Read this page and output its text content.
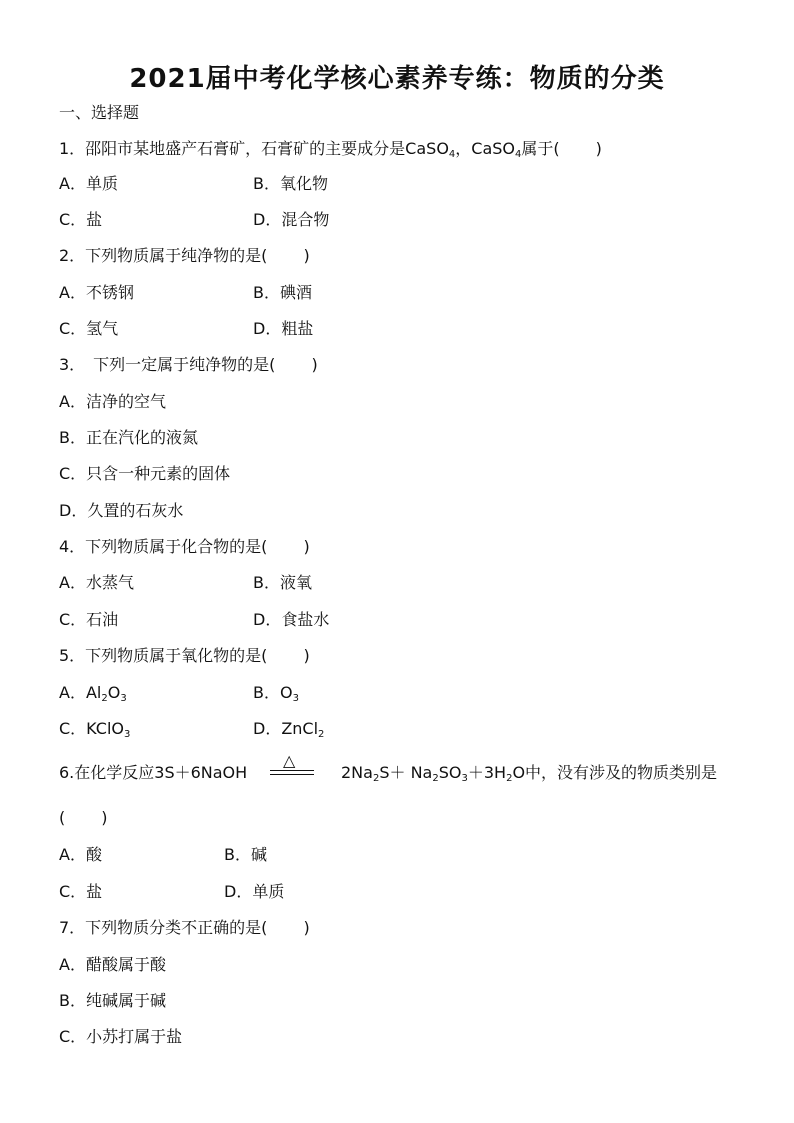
2021届中考化学核心素养专练：物质的分类
一、选择题
1．邵阳市某地盛产石膏矿，石膏矿的主要成分是CaSO$_4$，CaSO$_4$属于( )
A．单质	B．氧化物
C．盐	D．混合物
2．下列物质属于纯净物的是( )
A．不锈钢	B．碘酒
C．氢气	D．粗盐
3．　下列一定属于纯净物的是( )
A．洁净的空气
B．正在汽化的液氮
C．只含一种元素的固体
D．久置的石灰水
4．下列物质属于化合物的是( )
A．水蒸气	B．液氧
C．石油	D．食盐水
5．下列物质属于氧化物的是( )
A．$Al_2O_3$	B．$O_3$
C．KClO$_3$	D．ZnCl$_2$
6.在化学反应3S＋6NaOH
△
$2Na_2S+ Na_2SO_3+3H_2O$中，没有涉及的物质类别是
( )
A．酸	B．碱
C．盐	D．单质
7．下列物质分类不正确的是( )
A．醋酸属于酸
B．纯碱属于碱
C．小苏打属于盐
